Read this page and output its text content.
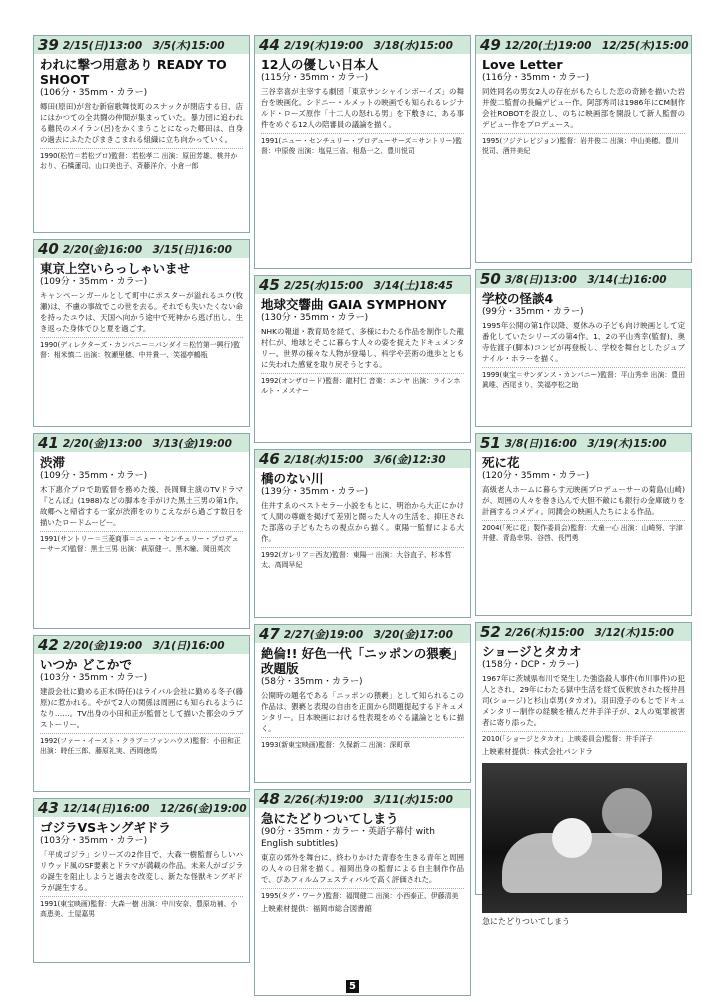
39 2/15(日)13:00　3/5(木)15:00
われに撃つ用意あり READY TO SHOOT
(106分・35mm・カラー)
郷田(原田)が営む新宿歌舞伎町のスナックが閉店する日、店にはかつての全共闘の仲間が集まっていた。暴力団に追われる難民のメイラン(呂)をかくまうことになった郷田は、自身の過去にふたたびまきこまれる組織に立ち向かっていく。
1990(松竹＝若松プロ)監督：若松孝二 出演：原田芳雄、桃井かおり、石橋蓮司、山口美也子、斉藤洋介、小倉一郎
40 2/20(金)16:00　3/15(日)16:00
東京上空いらっしゃいませ
(109分・35mm・カラー)
キャンペーンガールとして町中にポスターが溢れるユウ(牧瀬)は、不慮の事故でこの世を去る。それでも失いたくない命を持ったユウは、天国へ向かう途中で死神から逃げ出し、生き返った身体でひと夏を過ごす。
1990(ディレクターズ・カンパニー＝バンダイ＝松竹第一興行)監督：相米慎二 出演：牧瀬里穂、中井貴一、笑福亭鶴瓶
41 2/20(金)13:00　3/13(金)19:00
渋滞
(109分・35mm・カラー)
木下惠介プロで助監督を務めた後、長岡輝主演のTVドラマ『とんぼ』(1988)などの脚本を手がけた黒土三男の第1作。故郷へと帰省する一家が渋滞をのりこえながら過ごす数日を描いたロードムービー。
1991(サントリー＝三菱商事＝ニュー・センチュリー・プロデューサーズ)監督：黒土三男 出演：萩原健一、黒木瞳、岡田英次
42 2/20(金)19:00　3/1(日)16:00
いつか どこかで
(103分・35mm・カラー)
建設会社に勤める正木(時任)はライバル会社に勤める冬子(藤原)に惹かれる。やがて2人の関係は周囲にも知られるようになり……。TV出身の小田和正が監督として描いた都会のラブストーリー。
1992(ファー・イースト・クラブ＝ファンハウス)監督：小田和正 出演：時任三郎、藤原礼実、西岡徳馬
43 12/14(日)16:00　12/26(金)19:00
ゴジラVSキングギドラ
(103分・35mm・カラー)
「平成ゴジラ」シリーズの2作目で、大森一樹監督らしいハリウッド風のSF要素とドラマが満載の作品。未来人がゴジラの誕生を阻止しようと過去を改変し、新たな怪獣キングギドラが誕生する。
1991(東宝映画)監督：大森一樹 出演：中川安奈、豊原功補、小高恵美、土屋嘉男
44 2/19(木)19:00　3/18(水)15:00
12人の優しい日本人
(115分・35mm・カラー)
三谷幸喜が主宰する劇団「東京サンシャインボーイズ」の舞台を映画化。シドニー・ルメットの映画でも知られるレジナルド・ローズ原作「十二人の怒れる男」を下敷きに、ある事件をめぐる12人の陪審員の議論を描く。
1991(ニュー・センチュリー・プロデューサーズ＝サントリー)監督：中原俊 出演：塩見三省、相島一之、豊川悦司
45 2/25(水)15:00　3/14(土)18:45
地球交響曲 GAIA SYMPHONY
(130分・35mm・カラー)
NHKの報道・教育局を経て、多様にわたる作品を制作した龍村仁が、地球とそこに暮らす人々の姿を捉えたドキュメンタリー。世界の様々な人物が登場し、科学や芸術の進歩とともに失われた感覚を取り戻そうとする。
1992(オンザロード)監督：龍村仁 音楽：エンヤ 出演：ラインホルト・メスナー
46 2/18(水)15:00　3/6(金)12:30
橋のない川
(139分・35mm・カラー)
住井すゑのベストセラー小説をもとに、明治から大正にかけて人間の尊厳を掲げて差別と闘った人々の生活を、抑圧された部落の子どもたちの視点から描く。東陽一監督による大作。
1992(ガレリア＝西友)監督：東陽一 出演：大谷直子、杉本哲太、高岡早紀
47 2/27(金)19:00　3/20(金)17:00
絶倫!! 好色一代「ニッポンの猥褻」改題版
(58分・35mm・カラー)
公開時の題名である「ニッポンの猥褻」として知られるこの作品は、猥褻と表現の自由を正面から問題提起するドキュメンタリー。日本映画における性表現をめぐる議論とともに描く。
1993(新東宝映画)監督：久保新二 出演：深町章
48 2/26(木)19:00　3/11(水)15:00
急にたどりついてしまう
(90分・35mm・カラー・英語字幕付 with English subtitles)
東京の郊外を舞台に、終わりかけた青春を生きる青年と周囲の人々の日常を描く。福岡出身の監督による自主制作作品で、ぴあフィルムフェスティバルで高く評価された。
1995(タグ・ワーク)監督：福間健二 出演：小西泰正、伊藤清美
上映素材提供：福岡市総合図書館
49 12/20(土)19:00　12/25(木)15:00
Love Letter
(116分・35mm・カラー)
同姓同名の男女2人の存在がもたらした恋の奇跡を描いた岩井俊二監督の長編デビュー作。阿部秀司は1986年にCM制作会社ROBOTを設立し、のちに映画部を開設して新人監督のデビュー作をプロデュース。
1995(フジテレビジョン)監督：岩井俊二 出演：中山美穂、豊川悦司、酒井美紀
50 3/8(日)13:00　3/14(土)16:00
学校の怪談4
(99分・35mm・カラー)
1995年公開の第1作以降、夏休みの子ども向け映画として定番化していたシリーズの第4作。1、2の平山秀幸(監督)、奥寺佐渡子(脚本)コンビが再登板し、学校を舞台としたジュブナイル・ホラーを描く。
1999(東宝＝サンダンス・カンパニー)監督：平山秀幸 出演：豊田眞唯、西尾まり、笑福亭松之助
51 3/8(日)16:00　3/19(木)15:00
死に花
(120分・35mm・カラー)
高級老人ホームに暮らす元映画プロデューサーの菊島(山崎)が、周囲の人々を巻き込んで大胆不敵にも銀行の金庫破りを計画するコメディ。同潤会の映画人たちによる作品。
2004(「死に花」製作委員会)監督：犬童一心 出演：山崎努、宇津井健、青島幸男、谷啓、長門勇
52 2/26(木)15:00　3/12(木)15:00
ショージとタカオ
(158分・DCP・カラー)
1967年に茨城県布川で発生した強盗殺人事件(布川事件)の犯人とされ、29年にわたる獄中生活を経て仮釈放された桜井昌司(ショージ)と杉山卓男(タカオ)。羽田澄子のもとでドキュメンタリー制作の経験を積んだ井手洋子が、2人の冤罪被害者に寄り添った。
2010(「ショージとタカオ」上映委員会)監督：井手洋子
上映素材提供：株式会社パンドラ
急にたどりついてしまう
5
